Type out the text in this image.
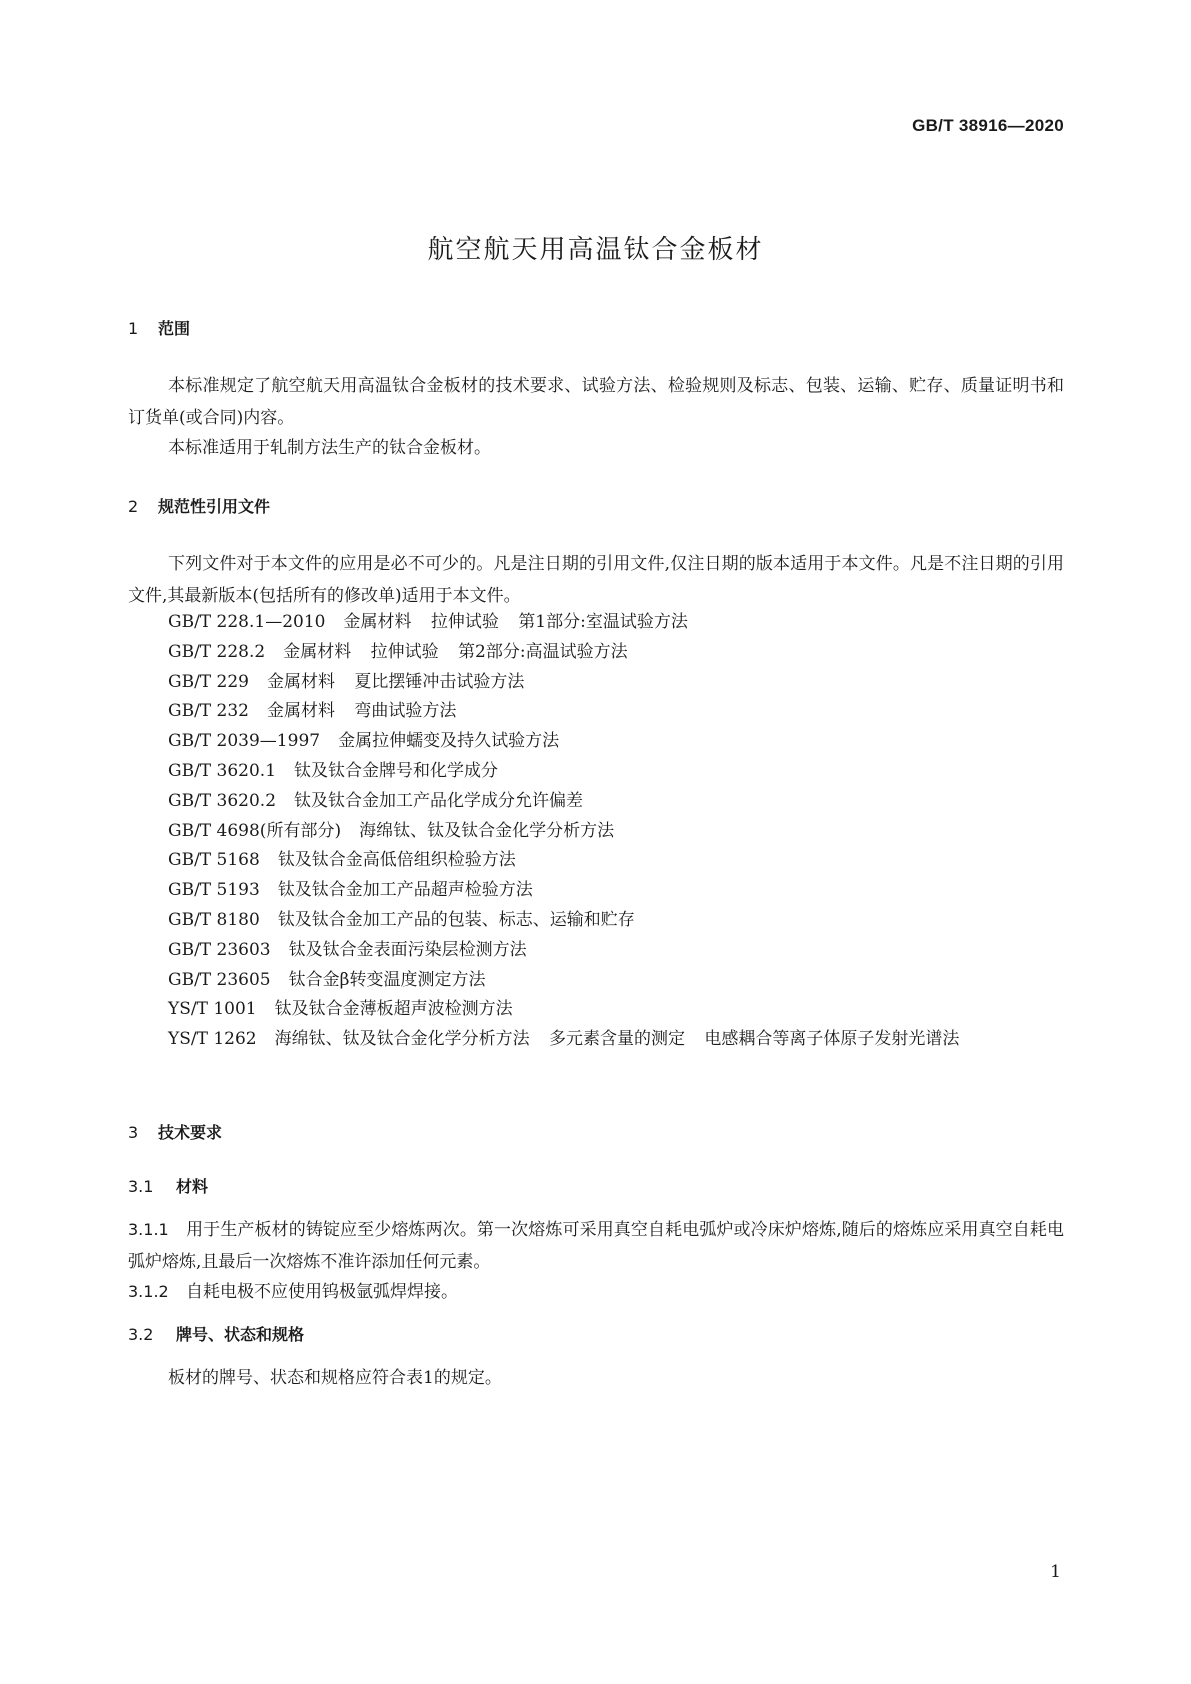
GB/T 38916—2020
航空航天用高温钛合金板材
1 范围
本标准规定了航空航天用高温钛合金板材的技术要求、试验方法、检验规则及标志、包装、运输、贮存、质量证明书和订货单(或合同)内容。
本标准适用于轧制方法生产的钛合金板材。
2 规范性引用文件
下列文件对于本文件的应用是必不可少的。凡是注日期的引用文件,仅注日期的版本适用于本文件。凡是不注日期的引用文件,其最新版本(包括所有的修改单)适用于本文件。
GB/T 228.1—2010 金属材料 拉伸试验 第1部分:室温试验方法
GB/T 228.2 金属材料 拉伸试验 第2部分:高温试验方法
GB/T 229 金属材料 夏比摆锤冲击试验方法
GB/T 232 金属材料 弯曲试验方法
GB/T 2039—1997 金属拉伸蠕变及持久试验方法
GB/T 3620.1 钛及钛合金牌号和化学成分
GB/T 3620.2 钛及钛合金加工产品化学成分允许偏差
GB/T 4698(所有部分) 海绵钛、钛及钛合金化学分析方法
GB/T 5168 钛及钛合金高低倍组织检验方法
GB/T 5193 钛及钛合金加工产品超声检验方法
GB/T 8180 钛及钛合金加工产品的包装、标志、运输和贮存
GB/T 23603 钛及钛合金表面污染层检测方法
GB/T 23605 钛合金β转变温度测定方法
YS/T 1001 钛及钛合金薄板超声波检测方法
YS/T 1262 海绵钛、钛及钛合金化学分析方法 多元素含量的测定 电感耦合等离子体原子发射光谱法
3 技术要求
3.1 材料
3.1.1 用于生产板材的铸锭应至少熔炼两次。第一次熔炼可采用真空自耗电弧炉或冷床炉熔炼,随后的熔炼应采用真空自耗电弧炉熔炼,且最后一次熔炼不准许添加任何元素。
3.1.2 自耗电极不应使用钨极氩弧焊焊接。
3.2 牌号、状态和规格
板材的牌号、状态和规格应符合表1的规定。
1
